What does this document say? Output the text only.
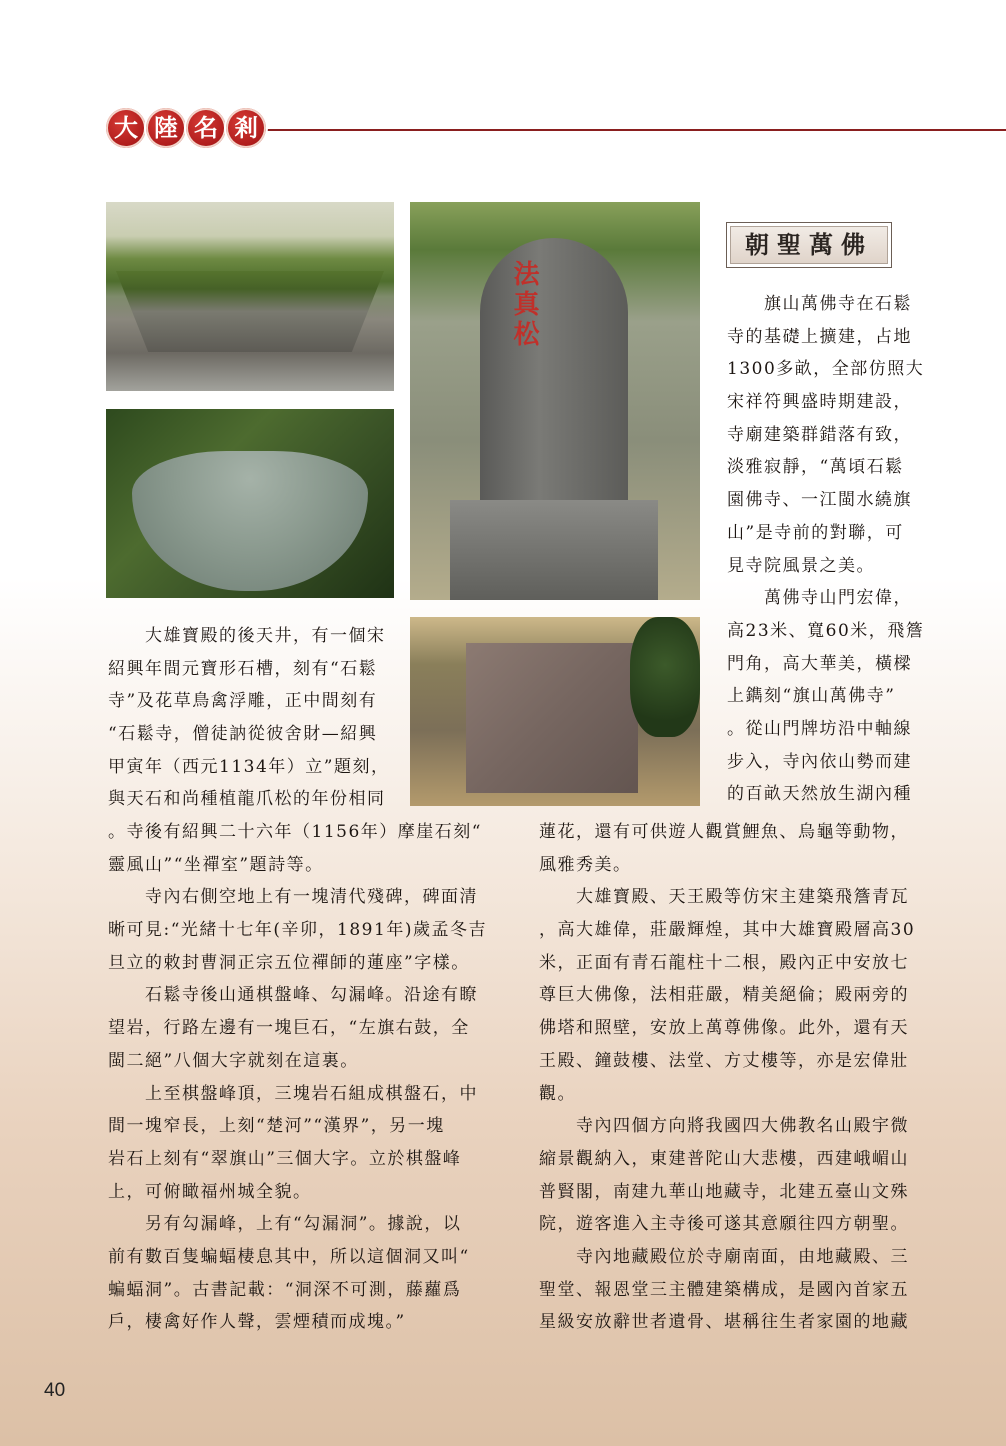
大 陸 名 剎
法真松
朝聖萬佛
　　旗山萬佛寺在石鬆
寺的基礎上擴建，占地
1300多畝，全部仿照大
宋祥符興盛時期建設，
寺廟建築群錯落有致，
淡雅寂靜，“萬頃石鬆
園佛寺、一江閩水繞旗
山”是寺前的對聯，可
見寺院風景之美。
　　萬佛寺山門宏偉，
高23米、寬60米，飛簷
門角，高大華美，橫樑
上鐫刻“旗山萬佛寺”
。從山門牌坊沿中軸線
步入，寺內依山勢而建
的百畝天然放生湖內種
　　大雄寶殿的後天井，有一個宋
紹興年間元寶形石槽，刻有“石鬆
寺”及花草鳥禽浮雕，正中間刻有
“石鬆寺，僧徒訥從彼舍財—紹興
甲寅年（西元1134年）立”題刻，
與天石和尚種植龍爪松的年份相同
。寺後有紹興二十六年（1156年）摩崖石刻“
靈風山”“坐禪室”題詩等。
　　寺內右側空地上有一塊清代殘碑，碑面清
晰可見:“光緒十七年(辛卯，1891年)歲孟冬吉
旦立的敕封曹洞正宗五位禪師的蓮座”字樣。
　　石鬆寺後山通棋盤峰、勾漏峰。沿途有瞭
望岩，行路左邊有一塊巨石，“左旗右鼓，全
閩二絕”八個大字就刻在這裏。
　　上至棋盤峰頂，三塊岩石組成棋盤石，中
間一塊窄長，上刻“楚河”“漢界”，另一塊
岩石上刻有“翠旗山”三個大字。立於棋盤峰
上，可俯瞰福州城全貌。
　　另有勾漏峰，上有“勾漏洞”。據說，以
前有數百隻蝙蝠棲息其中，所以這個洞又叫“
蝙蝠洞”。古書記載：“洞深不可測，藤蘿爲
戶，棲禽好作人聲，雲煙積而成塊。”
蓮花，還有可供遊人觀賞鯉魚、烏龜等動物，
風雅秀美。
　　大雄寶殿、天王殿等仿宋主建築飛簷青瓦
，高大雄偉，莊嚴輝煌，其中大雄寶殿層高30
米，正面有青石龍柱十二根，殿內正中安放七
尊巨大佛像，法相莊嚴，精美絕倫；殿兩旁的
佛塔和照壁，安放上萬尊佛像。此外，還有天
王殿、鐘鼓樓、法堂、方丈樓等，亦是宏偉壯
觀。
　　寺內四個方向將我國四大佛教名山殿宇微
縮景觀納入，東建普陀山大悲樓，西建峨嵋山
普賢閣，南建九華山地藏寺，北建五臺山文殊
院，遊客進入主寺後可遂其意願往四方朝聖。
　　寺內地藏殿位於寺廟南面，由地藏殿、三
聖堂、報恩堂三主體建築構成，是國內首家五
星級安放辭世者遺骨、堪稱往生者家園的地藏
40
